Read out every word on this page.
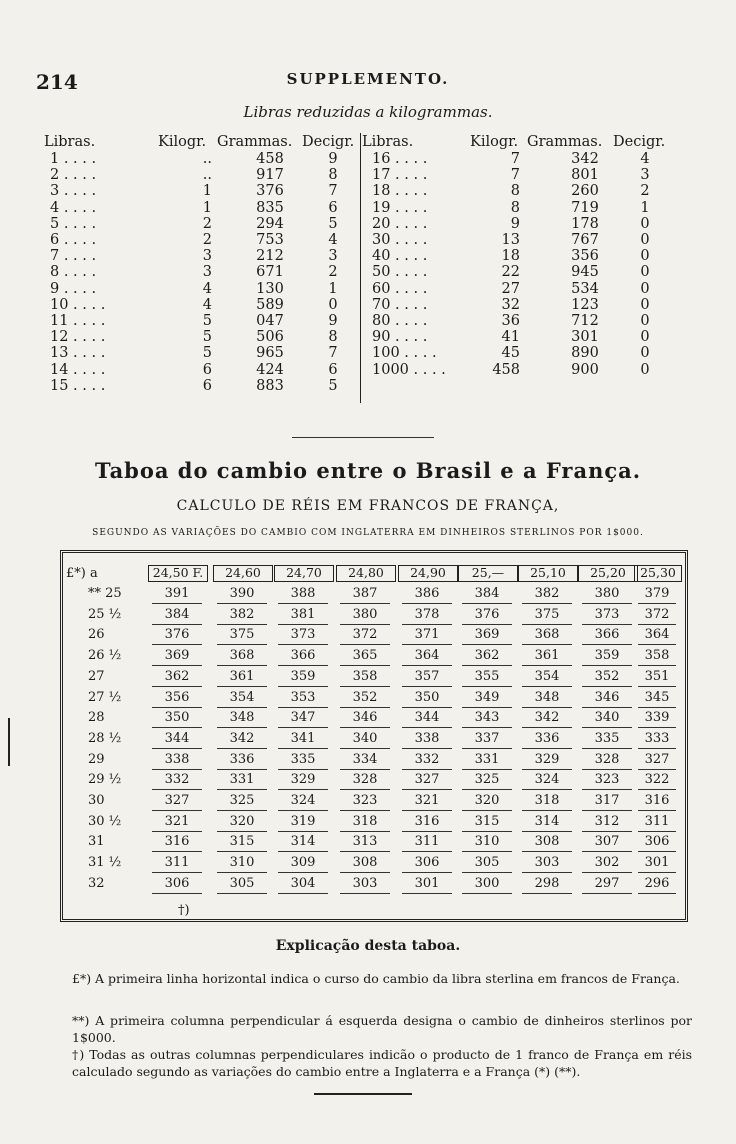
214	SUPPLEMENTO.
Libras reduzidas a kilogrammas.
Libras.	Kilogr. Grammas. Decigr. Libras.	Kilogr. Grammas. Decigr.
1 . . . .	..	458	9
2 . . . .	..	917	8
3 . . . .	1	376	7
4 . . . .	1	835	6
5 . . . .	2	294	5
6 . . . .	2	753	4
7 . . . .	3	212	3
8 . . . .	3	671	2
9 . . . .	4	130	1
10 . . . .	4	589	0
11 . . . .	5	047	9
12 . . . .	5	506	8
13 . . . .	5	965	7
14 . . . .	6	424	6
15 . . . .	6	883	5
16 . . . .	7	342	4
17 . . . .	7	801	3
18 . . . .	8	260	2
19 . . . .	8	719	1
20 . . . .	9	178	0
30 . . . .	13	767	0
40 . . . .	18	356	0
50 . . . .	22	945	0
60 . . . .	27	534	0
70 . . . .	32	123	0
80 . . . .	36	712	0
90 . . . .	41	301	0
100 . . . .	45	890	0
1000 . . . .	458	900	0
Taboa do cambio entre o Brasil e a França.
CALCULO DE RÉIS EM FRANCOS DE FRANÇA,
SEGUNDO AS VARIAÇÕES DO CAMBIO COM INGLATERRA EM DINHEIROS STERLINOS POR 1$000.
£*) a	24,50 F.	24,60	24,70	24,80	24,90	25,—	25,10	25,20	25,30
** 25	391	390	388	387	386	384	382	380	379
25 ½	384	382	381	380	378	376	375	373	372
26	376	375	373	372	371	369	368	366	364
26 ½	369	368	366	365	364	362	361	359	358
27	362	361	359	358	357	355	354	352	351
27 ½	356	354	353	352	350	349	348	346	345
28	350	348	347	346	344	343	342	340	339
28 ½	344	342	341	340	338	337	336	335	333
29	338	336	335	334	332	331	329	328	327
29 ½	332	331	329	328	327	325	324	323	322
30	327	325	324	323	321	320	318	317	316
30 ½	321	320	319	318	316	315	314	312	311
31	316	315	314	313	311	310	308	307	306
31 ½	311	310	309	308	306	305	303	302	301
32	306	305	304	303	301	300	298	297	296
†)
Explicação desta taboa.
£*) A primeira linha horizontal indica o curso do cambio da libra sterlina em francos de França.
**) A primeira columna perpendicular á esquerda designa o cambio de dinheiros sterlinos por 1$000.
†) Todas as outras columnas perpendiculares indicão o producto de 1 franco de França em réis calculado segundo as variações do cambio entre a Inglaterra e a França (*) (**).
